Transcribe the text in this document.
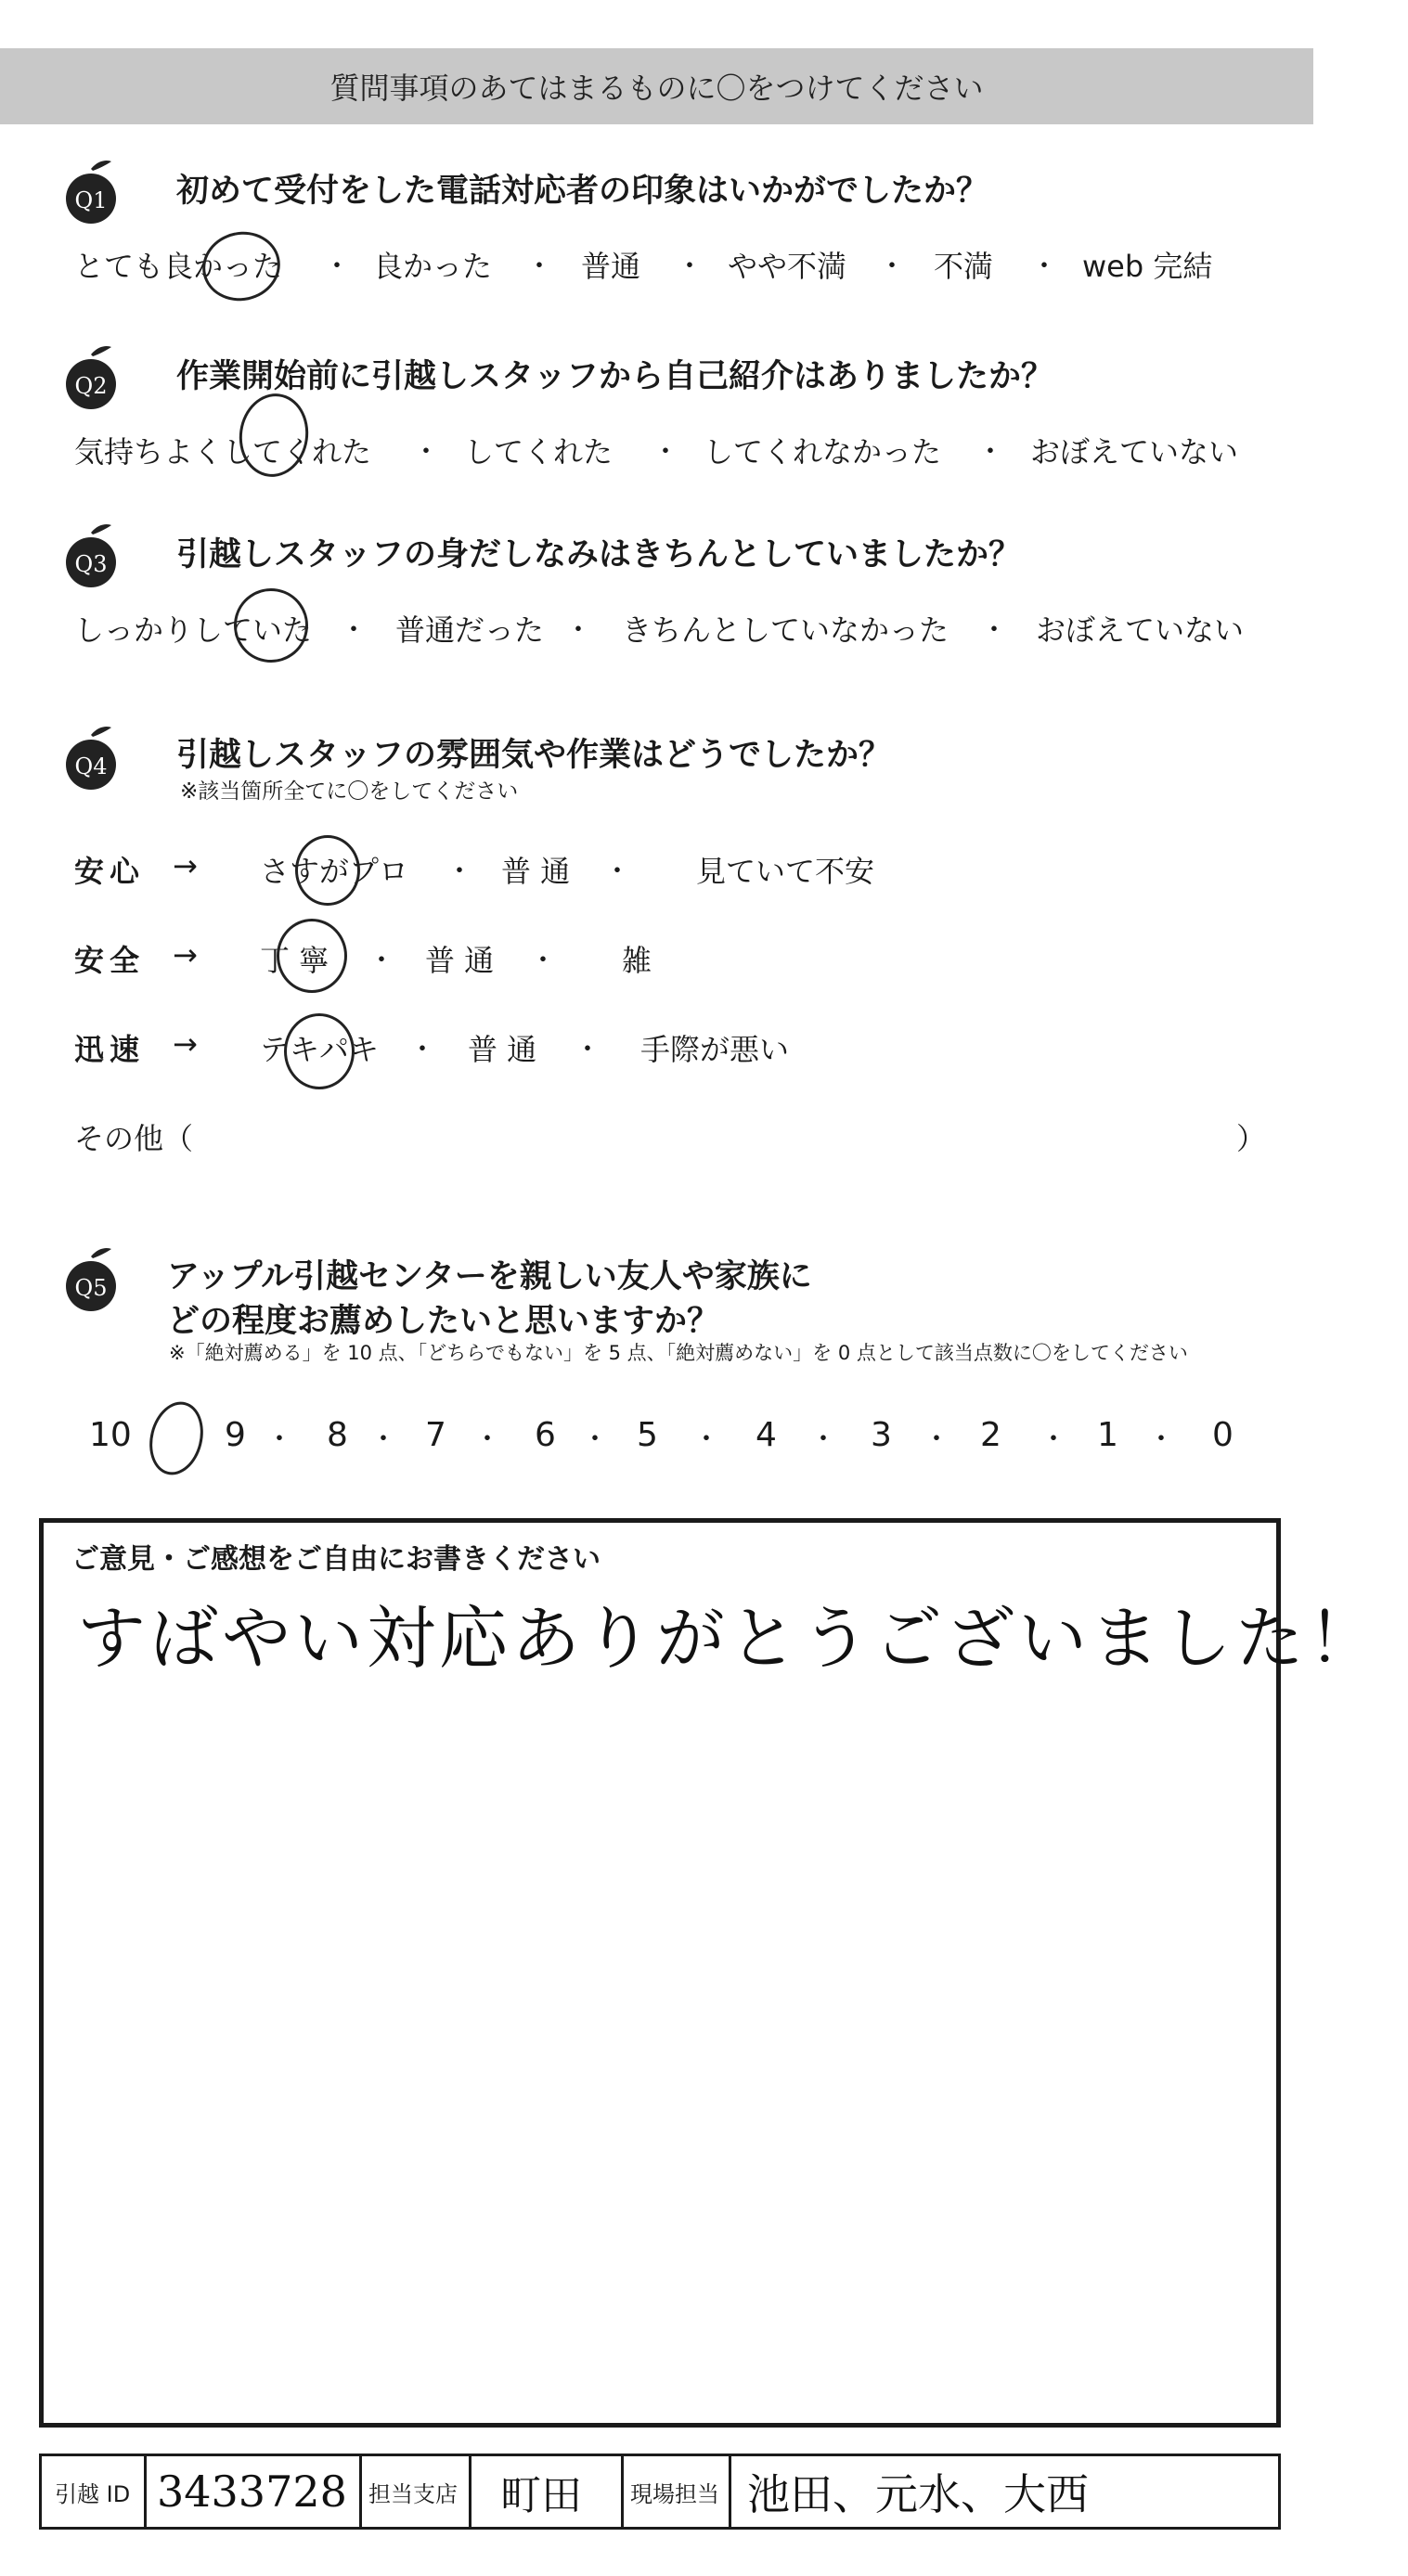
質問事項のあてはまるものに〇をつけてください
Q1 初めて受付をした電話対応者の印象はいかがでしたか？
とても良かった ・ 良かった ・ 普通 ・ やや不満 ・ 不満 ・ web 完結
Q2 作業開始前に引越しスタッフから自己紹介はありましたか？
気持ちよくしてくれた ・ してくれた ・ してくれなかった ・ おぼえていない
Q3 引越しスタッフの身だしなみはきちんとしていましたか？
しっかりしていた ・ 普通だった ・ きちんとしていなかった ・ おぼえていない
Q4 引越しスタッフの雰囲気や作業はどうでしたか？
※該当箇所全てに〇をしてください
安心 → さすがプロ ・ 普 通 ・ 見ていて不安
安全 → 丁 寧 ・ 普 通 ・ 雑
迅速 → テキパキ ・ 普 通 ・ 手際が悪い
その他（	）
Q5 アップル引越センターを親しい友人や家族に
どの程度お薦めしたいと思いますか？
※「絶対薦める」を 10 点、「どちらでもない」を 5 点、「絶対薦めない」を 0 点として該当点数に〇をしてください
10	9 ・ 8 ・ 7 ・ 6 ・ 5 ・ 4 ・ 3 ・ 2 ・ 1 ・ 0
ご意見・ご感想をご自由にお書きください
すばやい対応ありがとうございました！
引越 ID 3433728 担当支店 町田 現場担当 池田、元水、大西
